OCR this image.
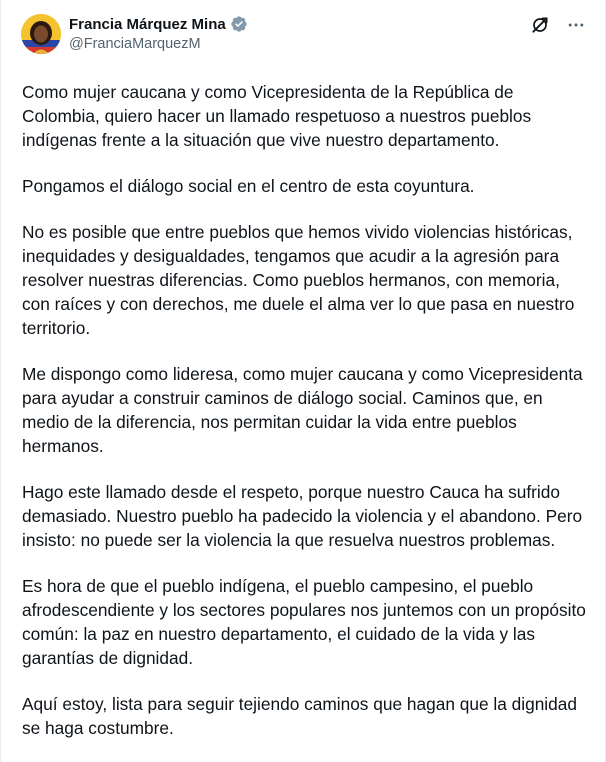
Francia Márquez Mina
@FranciaMarquezM

Como mujer caucana y como Vicepresidenta de la República de Colombia, quiero hacer un llamado respetuoso a nuestros pueblos indígenas frente a la situación que vive nuestro departamento.

Pongamos el diálogo social en el centro de esta coyuntura.

No es posible que entre pueblos que hemos vivido violencias históricas, inequidades y desigualdades, tengamos que acudir a la agresión para resolver nuestras diferencias. Como pueblos hermanos, con memoria, con raíces y con derechos, me duele el alma ver lo que pasa en nuestro territorio.

Me dispongo como lideresa, como mujer caucana y como Vicepresidenta para ayudar a construir caminos de diálogo social. Caminos que, en medio de la diferencia, nos permitan cuidar la vida entre pueblos hermanos.

Hago este llamado desde el respeto, porque nuestro Cauca ha sufrido demasiado. Nuestro pueblo ha padecido la violencia y el abandono. Pero insisto: no puede ser la violencia la que resuelva nuestros problemas.

Es hora de que el pueblo indígena, el pueblo campesino, el pueblo afrodescendiente y los sectores populares nos juntemos con un propósito común: la paz en nuestro departamento, el cuidado de la vida y las garantías de dignidad.

Aquí estoy, lista para seguir tejiendo caminos que hagan que la dignidad se haga costumbre.
